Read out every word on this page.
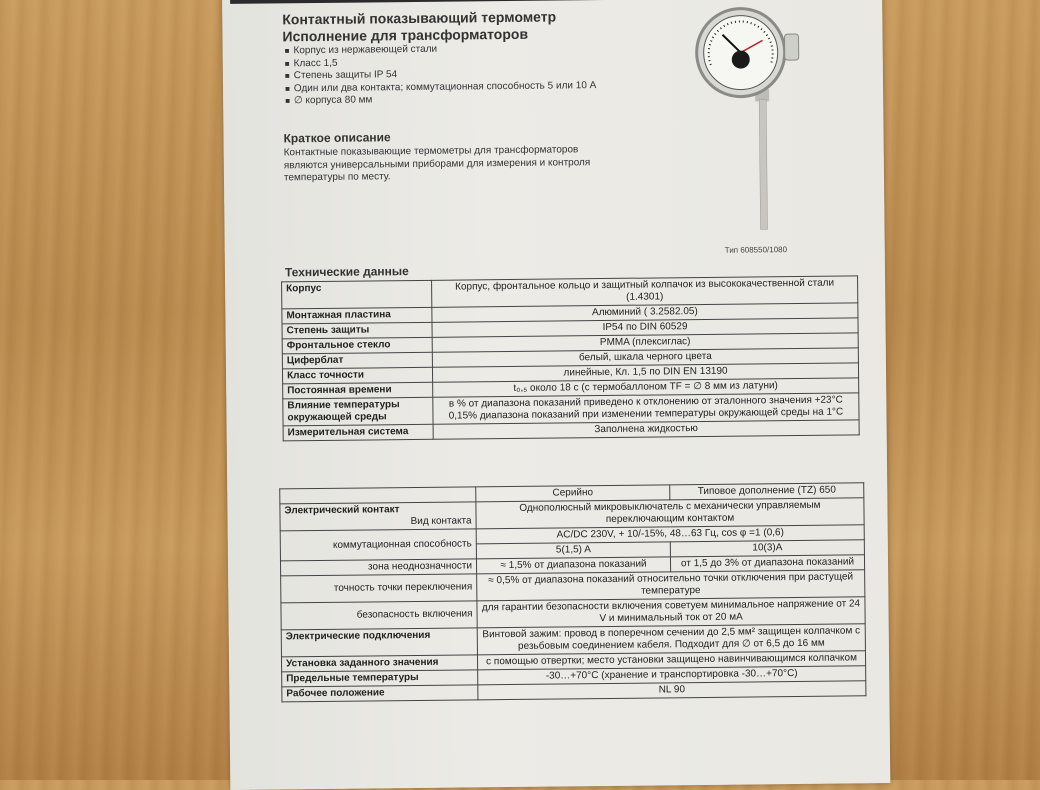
Контактный показывающий термометр
Исполнение для трансформаторов
■ Корпус из нержавеющей стали
■ Класс 1,5
■ Степень защиты IP 54
■ Один или два контакта; коммутационная способность 5 или 10 A
■ ∅ корпуса 80 мм
Краткое описание
Контактные показывающие термометры для трансформаторов являются универсальными приборами для измерения и контроля температуры по месту.
Тип 608550/1080
Технические данные
Корпус	Корпус, фронтальное кольцо и защитный колпачок из высококачественной стали (1.4301)
Монтажная пластина	Алюминий ( 3.2582.05)
Степень защиты	IP54 по DIN 60529
Фронтальное стекло	PMMA (плексиглас)
Циферблат	белый, шкала черного цвета
Класс точности	линейные, Кл. 1,5 по DIN EN 13190
Постоянная времени	t₀,₅ около 18 с (с термобаллоном TF = ∅ 8 мм из латуни)
Влияние температуры окружающей среды	в % от диапазона показаний приведено к отклонению от эталонного значения +23°C 0,15% диапазона показаний при изменении температуры окружающей среды на 1°C
Измерительная система	Заполнена жидкостью
	Серийно	Типовое дополнение (TZ) 650
Электрический контакт
Вид контакта	Однополюсный микровыключатель с механически управляемым переключающим контактом	
коммутационная способность	AC/DC 230V, + 10/-15%, 48…63 Гц, cos φ =1 (0,6)	
	5(1,5) A	10(3)A
зона неоднозначности	≈ 1,5% от диапазона показаний	от 1,5 до 3% от диапазона показаний
точность точки переключения	≈ 0,5% от диапазона показаний относительно точки отключения при растущей температуре	
безопасность включения	для гарантии безопасности включения советуем минимальное напряжение от 24 V и минимальный ток от 20 мА	
Электрические подключения	Винтовой зажим: провод в поперечном сечении до 2,5 мм² защищен колпачком с резьбовым соединением кабеля. Подходит для ∅ от 6,5 до 16 мм	
Установка заданного значения	с помощью отвертки; место установки защищено навинчивающимся колпачком	
Предельные температуры	-30…+70°C (хранение и транспортировка -30…+70°C)	
Рабочее положение	NL 90	
